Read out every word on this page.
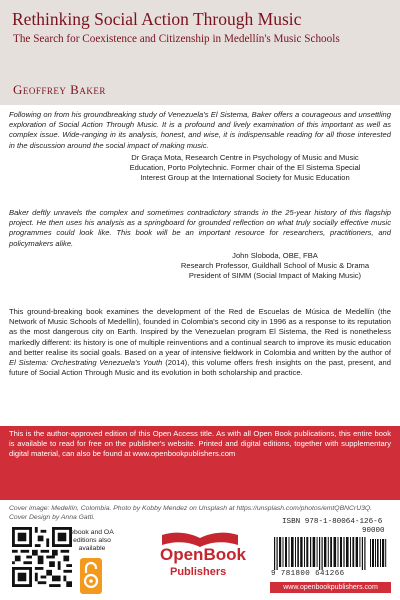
Rethinking Social Action Through Music
The Search for Coexistence and Citizenship in Medellín's Music Schools
Geoffrey Baker
Following on from his groundbreaking study of Venezuela's El Sistema, Baker offers a courageous and unsettling exploration of Social Action Through Music. It is a profound and lively examination of this important as well as complex issue. Wide-ranging in its analysis, honest, and wise, it is indispensable reading for all those interested in the discussion around the social impact of making music.
Dr Graça Mota, Research Centre in Psychology of Music and Music
Education, Porto Polytechnic. Former chair of the El Sistema Special
Interest Group at the International Society for Music Education
Baker deftly unravels the complex and sometimes contradictory strands in the 25-year history of this flagship project. He then uses his analysis as a springboard for grounded reflection on what truly socially effective music programmes could look like. This book will be an important resource for researchers, practitioners, and policymakers alike.
John Sloboda, OBE, FBA
Research Professor, Guildhall School of Music & Drama
President of SIMM (Social Impact of Making Music)
This ground-breaking book examines the development of the Red de Escuelas de Música de Medellín (the Network of Music Schools of Medellín), founded in Colombia's second city in 1996 as a response to its reputation as the most dangerous city on Earth. Inspired by the Venezuelan program El Sistema, the Red is nonetheless markedly different: its history is one of multiple reinventions and a continual search to improve its music education and better realise its social goals. Based on a year of intensive fieldwork in Colombia and written by the author of El Sistema: Orchestrating Venezuela's Youth (2014), this volume offers fresh insights on the past, present, and future of Social Action Through Music and its evolution in both scholarship and practice.
This is the author-approved edition of this Open Access title. As with all Open Book publications, this entire book is available to read for free on the publisher's website. Printed and digital editions, together with supplementary digital material, can also be found at www.openbookpublishers.com
Cover image: Medellín, Colombia. Photo by Kobby Mendez on Unsplash at https://unsplash.com/photos/emtQBNCrU3Q. Cover Design by Anna Gatti.
ebook and OA editions also available	OpenBook
Publishers
ISBN 978-1-80064-126-6
90000
9 781800 641266
www.openbookpublishers.com
